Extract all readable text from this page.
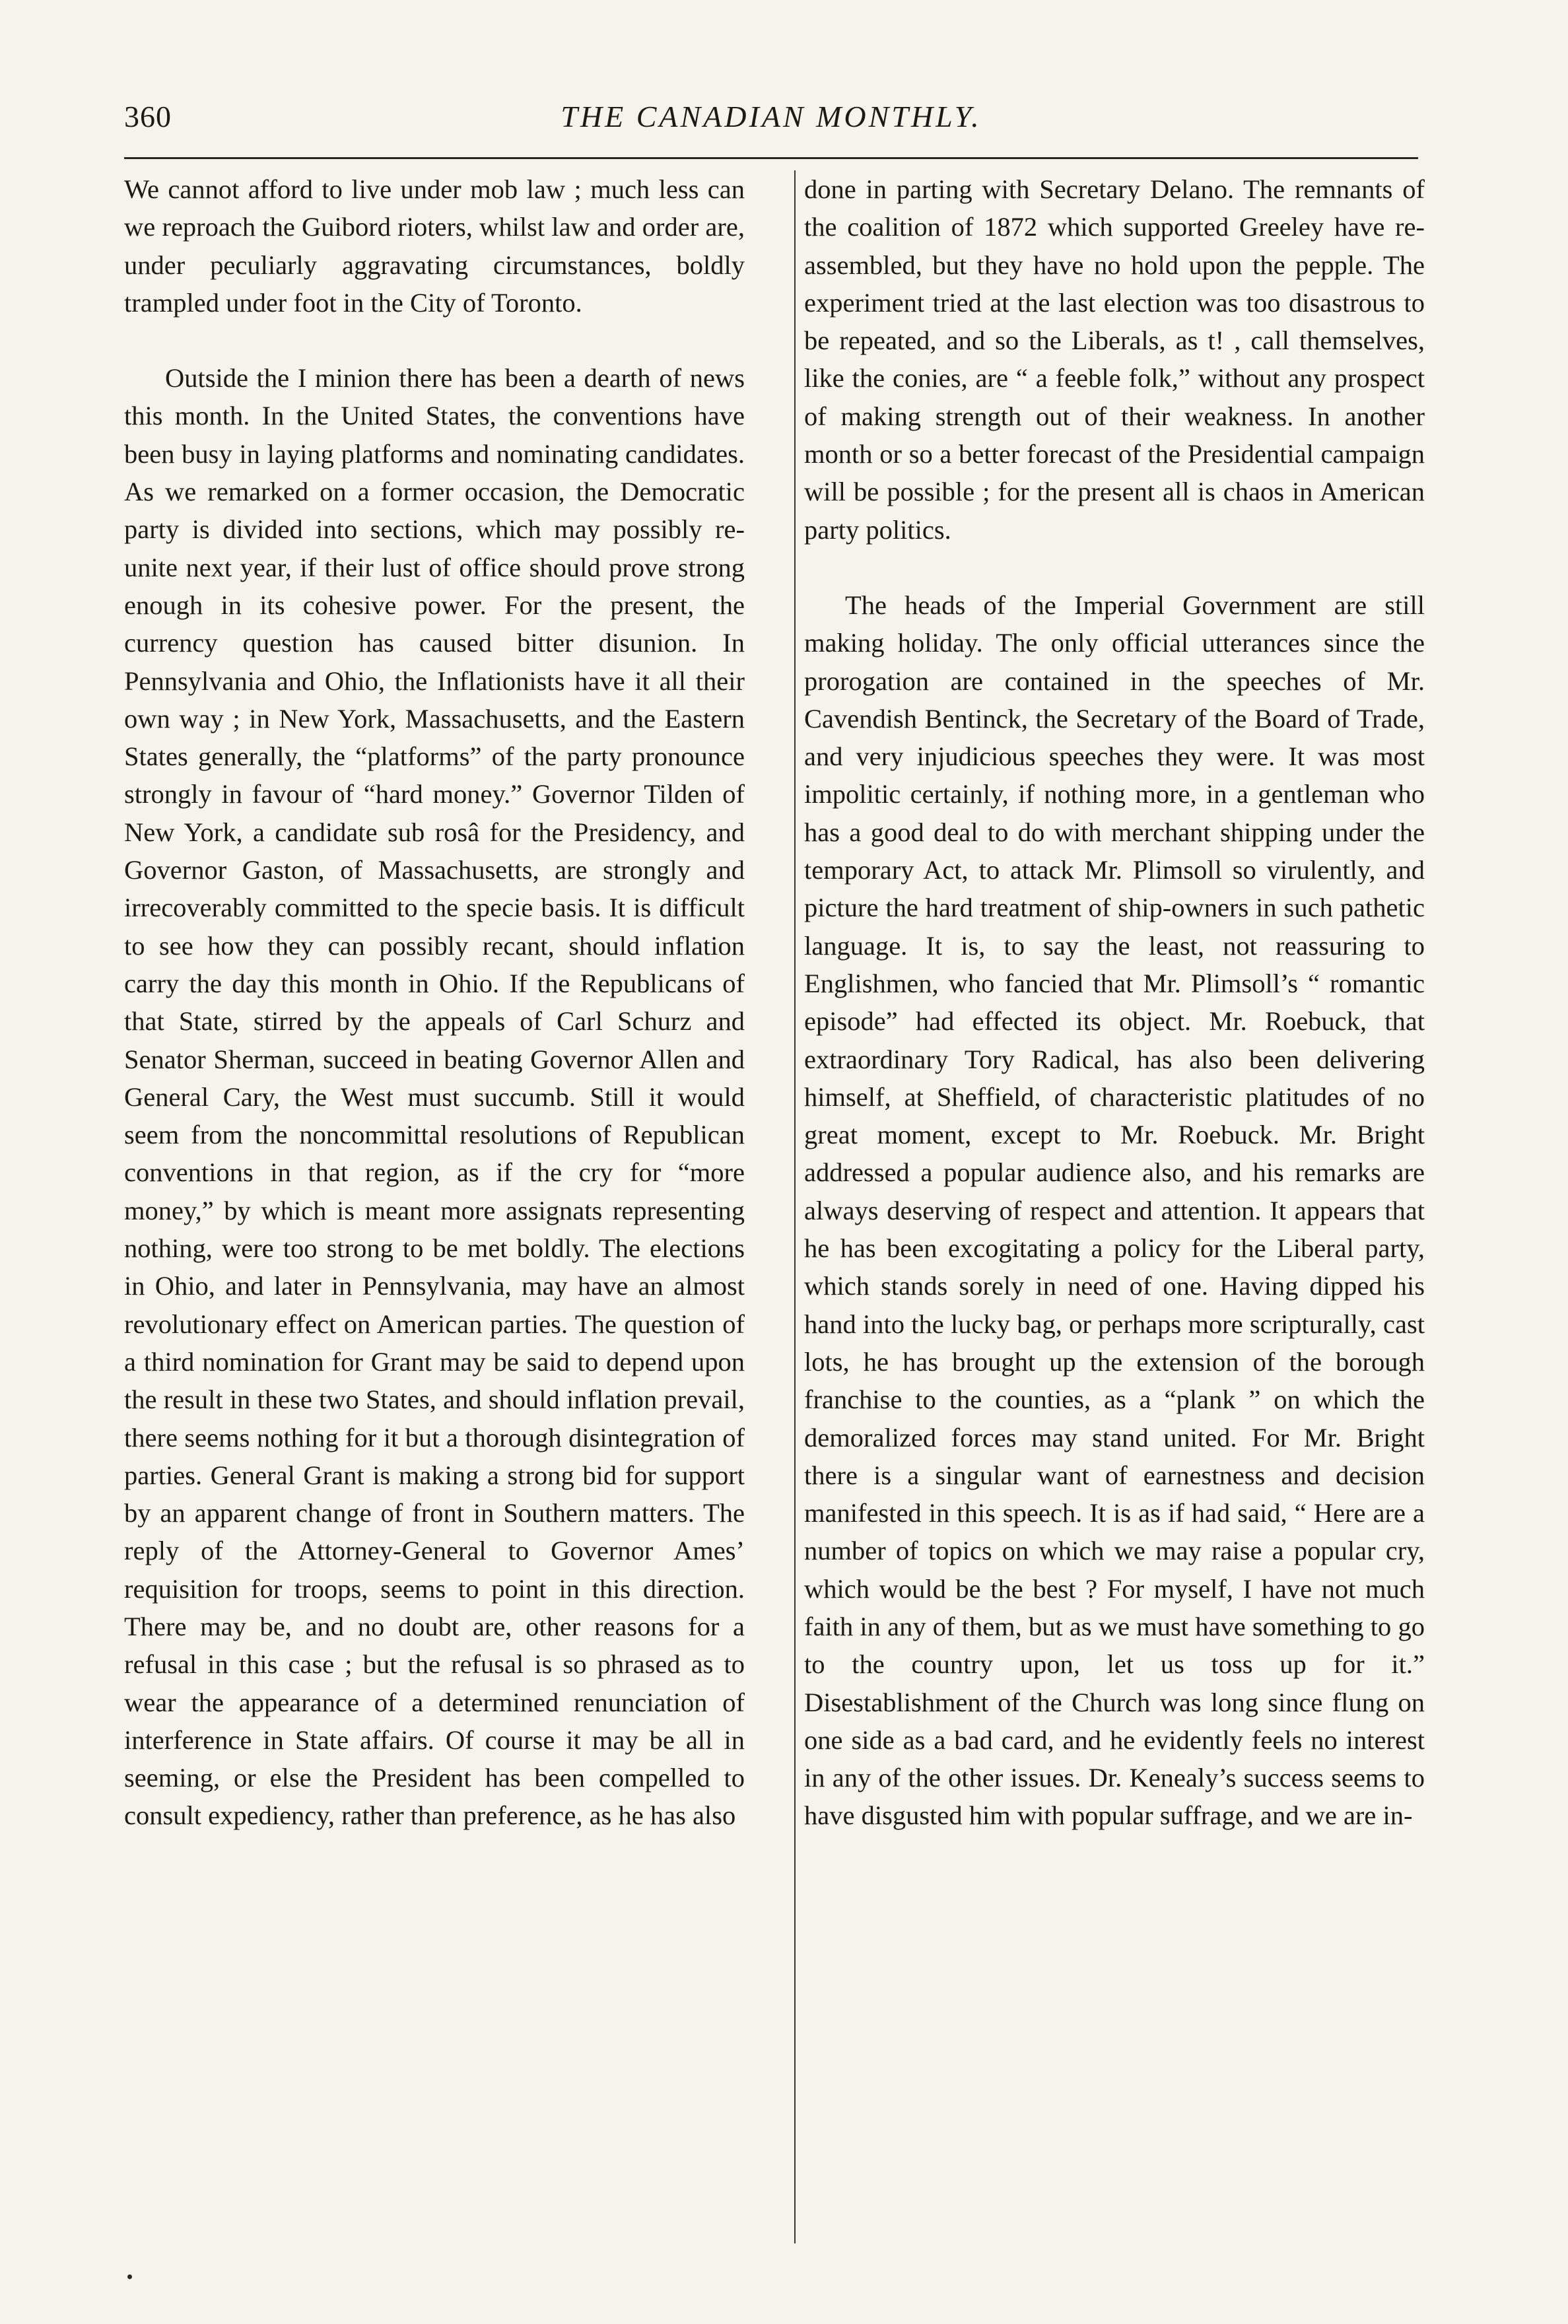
360	THE CANADIAN MONTHLY.

We cannot afford to live under mob law ; much less can we reproach the Guibord rioters, whilst law and order are, under peculiarly aggravating circumstances, boldly trampled under foot in the City of Toronto.

Outside the I minion there has been a dearth of news this month. In the United States, the conventions have been busy in laying platforms and nominating candidates. As we remarked on a former occasion, the Democratic party is divided into sections, which may possibly re-unite next year, if their lust of office should prove strong enough in its cohesive power. For the present, the currency question has caused bitter disunion. In Pennsylvania and Ohio, the Inflationists have it all their own way ; in New York, Massachusetts, and the Eastern States generally, the “platforms” of the party pronounce strongly in favour of “hard money.” Governor Tilden of New York, a candidate sub rosâ for the Presidency, and Governor Gaston, of Massachusetts, are strongly and irrecoverably committed to the specie basis. It is difficult to see how they can possibly recant, should inflation carry the day this month in Ohio. If the Republicans of that State, stirred by the appeals of Carl Schurz and Senator Sherman, succeed in beating Governor Allen and General Cary, the West must succumb. Still it would seem from the noncommittal resolutions of Republican conventions in that region, as if the cry for “more money,” by which is meant more assignats representing nothing, were too strong to be met boldly. The elections in Ohio, and later in Pennsylvania, may have an almost revolutionary effect on American parties. The question of a third nomination for Grant may be said to depend upon the result in these two States, and should inflation prevail, there seems nothing for it but a thorough disintegration of parties. General Grant is making a strong bid for support by an apparent change of front in Southern matters. The reply of the Attorney-General to Governor Ames’ requisition for troops, seems to point in this direction. There may be, and no doubt are, other reasons for a refusal in this case ; but the refusal is so phrased as to wear the appearance of a determined renunciation of interference in State affairs. Of course it may be all in seeming, or else the President has been compelled to consult expediency, rather than preference, as he has also

done in parting with Secretary Delano. The remnants of the coalition of 1872 which supported Greeley have re-assembled, but they have no hold upon the pepple. The experiment tried at the last election was too disastrous to be repeated, and so the Liberals, as t! , call themselves, like the conies, are “ a feeble folk,” without any prospect of making strength out of their weakness. In another month or so a better forecast of the Presidential campaign will be possible ; for the present all is chaos in American party politics.

The heads of the Imperial Government are still making holiday. The only official utterances since the prorogation are contained in the speeches of Mr. Cavendish Bentinck, the Secretary of the Board of Trade, and very injudicious speeches they were. It was most impolitic certainly, if nothing more, in a gentleman who has a good deal to do with merchant shipping under the temporary Act, to attack Mr. Plimsoll so virulently, and picture the hard treatment of ship-owners in such pathetic language. It is, to say the least, not reassuring to Englishmen, who fancied that Mr. Plimsoll’s “ romantic episode” had effected its object. Mr. Roebuck, that extraordinary Tory Radical, has also been delivering himself, at Sheffield, of characteristic platitudes of no great moment, except to Mr. Roebuck. Mr. Bright addressed a popular audience also, and his remarks are always deserving of respect and attention. It appears that he has been excogitating a policy for the Liberal party, which stands sorely in need of one. Having dipped his hand into the lucky bag, or perhaps more scripturally, cast lots, he has brought up the extension of the borough franchise to the counties, as a “plank ” on which the demoralized forces may stand united. For Mr. Bright there is a singular want of earnestness and decision manifested in this speech. It is as if had said, “ Here are a number of topics on which we may raise a popular cry, which would be the best ? For myself, I have not much faith in any of them, but as we must have something to go to the country upon, let us toss up for it.” Disestablishment of the Church was long since flung on one side as a bad card, and he evidently feels no interest in any of the other issues. Dr. Kenealy’s success seems to have disgusted him with popular suffrage, and we are in-
